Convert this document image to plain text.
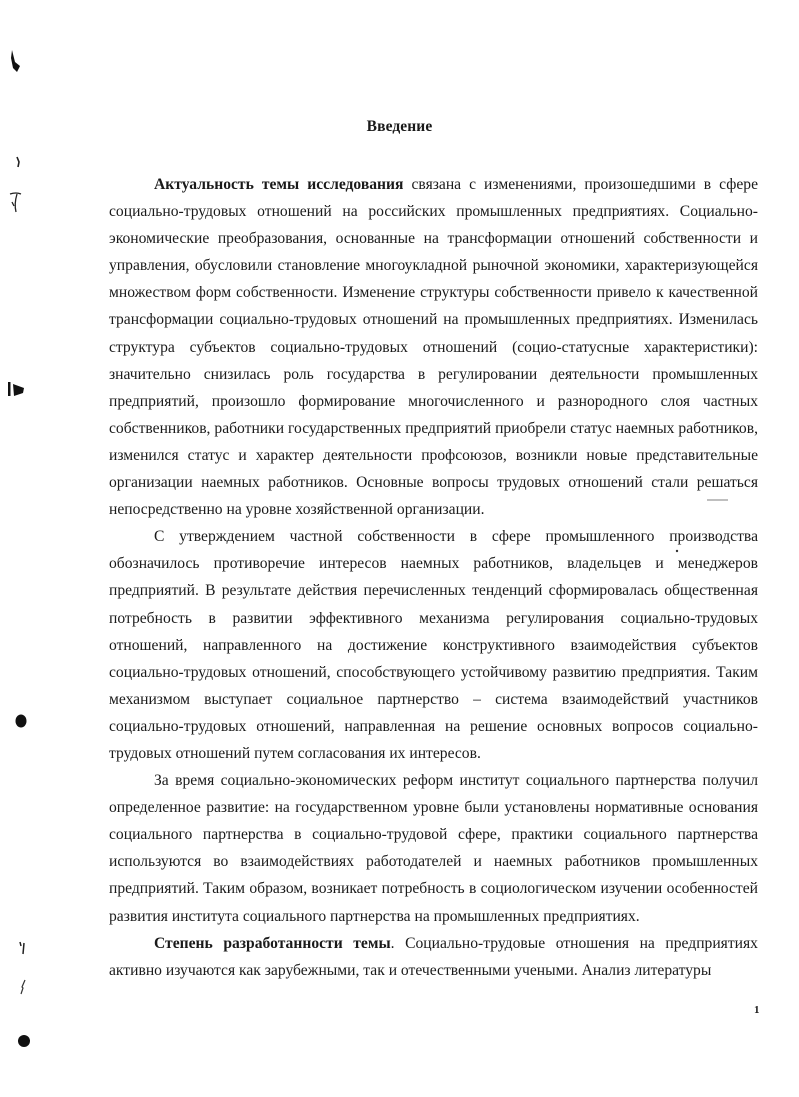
Введение

Актуальность темы исследования связана с изменениями, произошедшими в сфере социально-трудовых отношений на российских промышленных предприятиях. Социально-экономические преобразования, основанные на трансформации отношений собственности и управления, обусловили становление многоукладной рыночной экономики, характеризующейся множеством форм собственности. Изменение структуры собственности привело к качественной трансформации социально-трудовых отношений на промышленных предприятиях. Изменилась структура субъектов социально-трудовых отношений (социо-статусные характеристики): значительно снизилась роль государства в регулировании деятельности промышленных предприятий, произошло формирование многочисленного и разнородного слоя частных собственников, работники государственных предприятий приобрели статус наемных работников, изменился статус и характер деятельности профсоюзов, возникли новые представительные организации наемных работников. Основные вопросы трудовых отношений стали решаться непосредственно на уровне хозяйственной организации.

С утверждением частной собственности в сфере промышленного производства обозначилось противоречие интересов наемных работников, владельцев и менеджеров предприятий. В результате действия перечисленных тенденций сформировалась общественная потребность в развитии эффективного механизма регулирования социально-трудовых отношений, направленного на достижение конструктивного взаимодействия субъектов социально-трудовых отношений, способствующего устойчивому развитию предприятия. Таким механизмом выступает социальное партнерство – система взаимодействий участников социально-трудовых отношений, направленная на решение основных вопросов социально-трудовых отношений путем согласования их интересов.

За время социально-экономических реформ институт социального партнерства получил определенное развитие: на государственном уровне были установлены нормативные основания социального партнерства в социально-трудовой сфере, практики социального партнерства используются во взаимодействиях работодателей и наемных работников промышленных предприятий. Таким образом, возникает потребность в социологическом изучении особенностей развития института социального партнерства на промышленных предприятиях.

Степень разработанности темы. Социально-трудовые отношения на предприятиях активно изучаются как зарубежными, так и отечественными учеными. Анализ литературы

1
